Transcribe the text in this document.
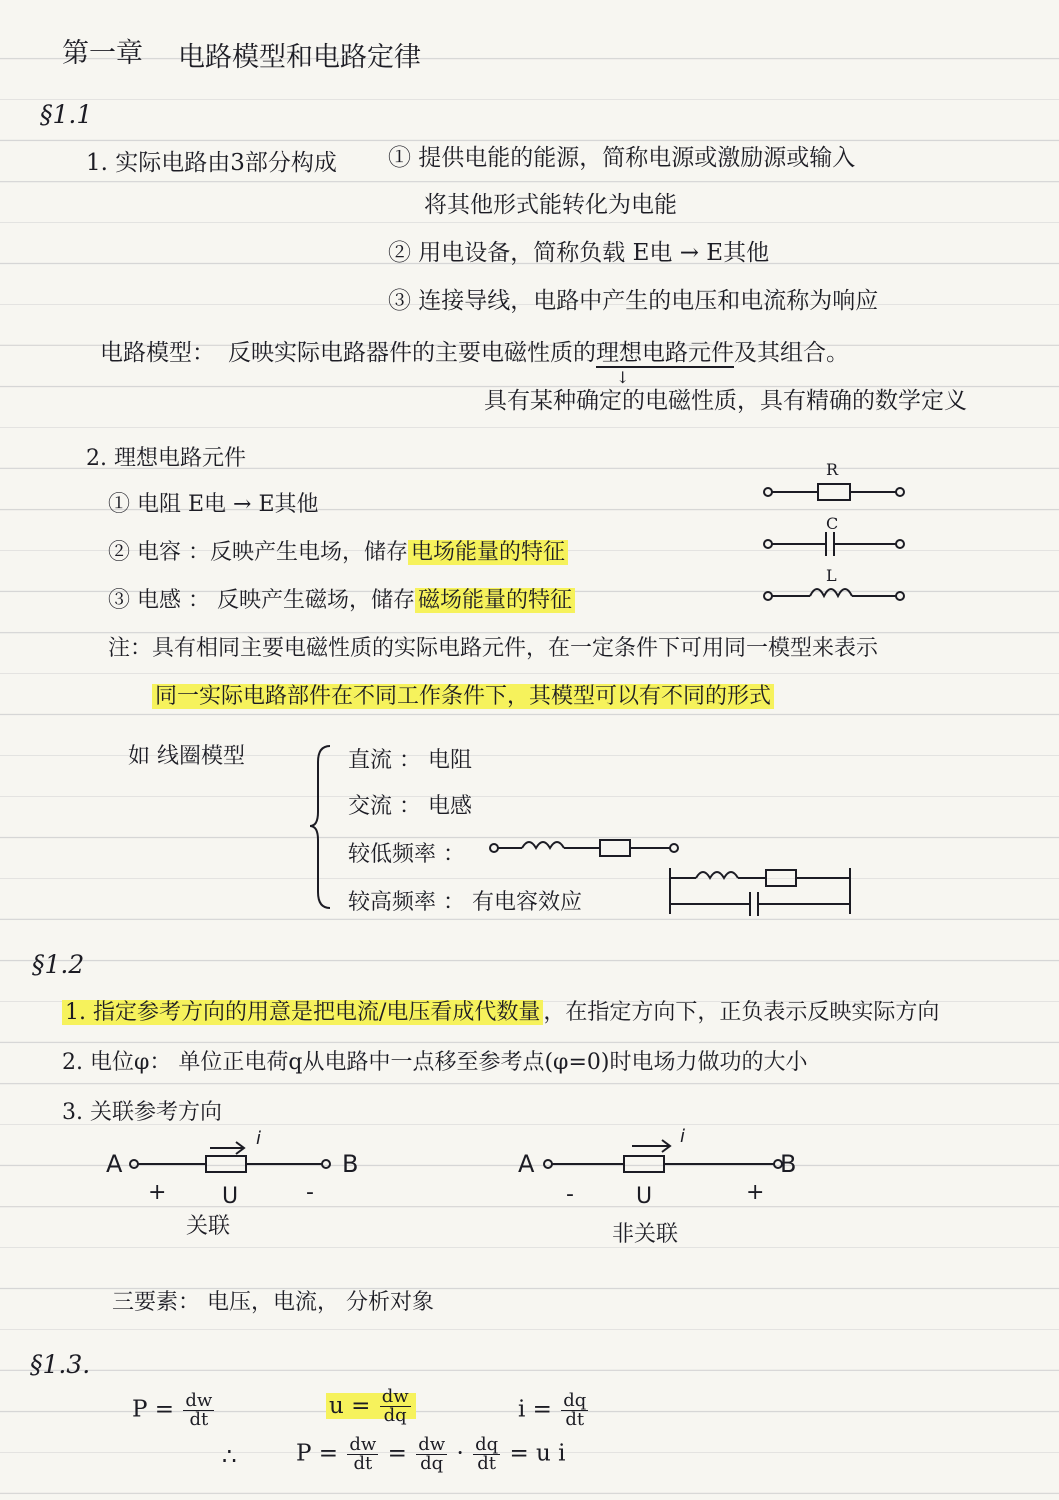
第一章 电路模型和电路定律
§1.1
1. 实际电路由3部分构成 ① 提供电能的能源，简称电源或激励源或输入
将其他形式能转化为电能
② 用电设备，简称负载 E电 → E其他
③ 连接导线，电路中产生的电压和电流称为响应
电路模型： 反映实际电路器件的主要电磁性质的理想电路元件及其组合。
↓
具有某种确定的电磁性质，具有精确的数学定义
2. 理想电路元件
① 电阻 E电 → E其他
② 电容 ：反映产生电场，储存 电场能量的特征
③ 电感 ： 反映产生磁场，储存 磁场能量的特征
R
C
L
注：具有相同主要电磁性质的实际电路元件，在一定条件下可用同一模型来表示
同一实际电路部件在不同工作条件下，其模型可以有不同的形式
如 线圈模型	直流 ： 电阻
交流 ： 电感
较低频率 ：
较高频率 ： 有电容效应
§1.2
1. 指定参考方向的用意是把电流/电压看成代数量 ，在指定方向下，正负表示反映实际方向
2. 电位φ： 单位正电荷q从电路中一点移至参考点(φ=0)时电场力做功的大小
3. 关联参考方向
A	B
i
+	U	-
关联
A	B
i
-	U	+
非关联
三要素： 电压，电流， 分析对象
§1.3.
$P = \frac{dw}{dt}$	$u = \frac{dw}{dq}$	$i = \frac{dq}{dt}$
∴	$P = \frac{dw}{dt} = \frac{dw}{dq} \cdot \frac{dq}{dt} = u$ i
